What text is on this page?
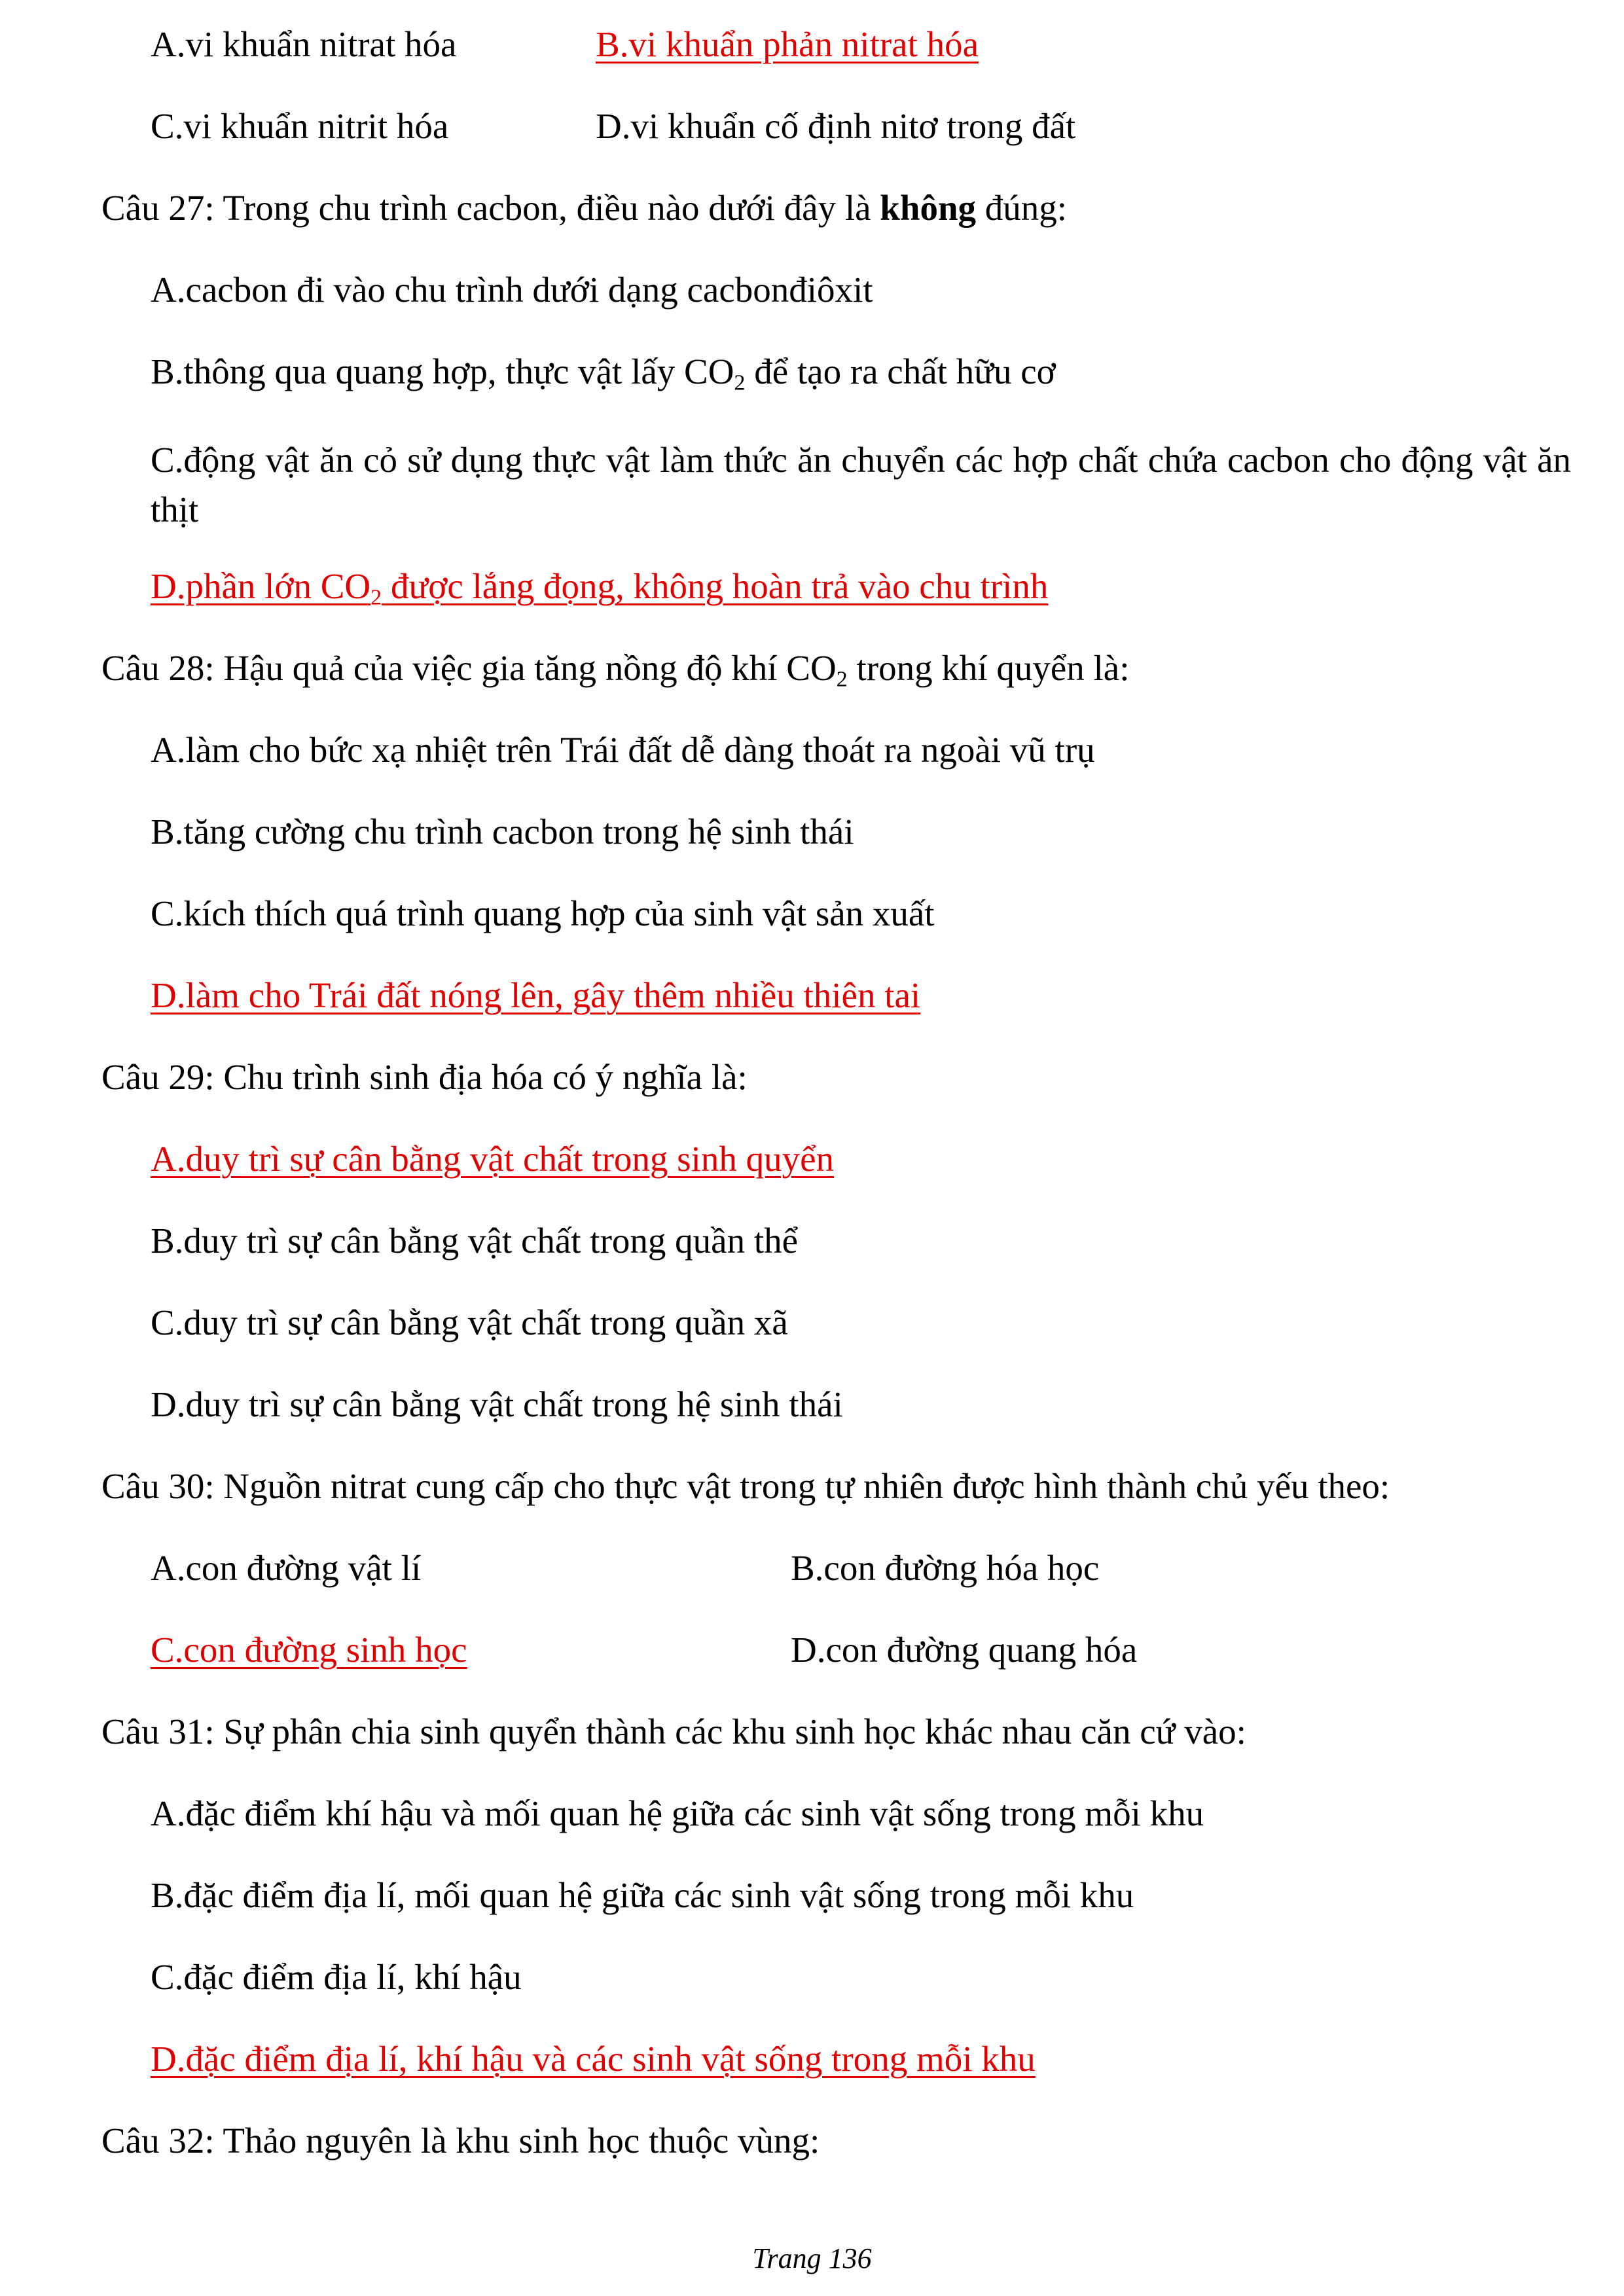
A.vi khuẩn nitrat hóa	B.vi khuẩn phản nitrat hóa
C.vi khuẩn nitrit hóa	D.vi khuẩn cố định nitơ trong đất
Câu 27: Trong chu trình cacbon, điều nào dưới đây là không đúng:
A.cacbon đi vào chu trình dưới dạng cacbonđiôxit
B.thông qua quang hợp, thực vật lấy $CO_2$ để tạo ra chất hữu cơ
C.động vật ăn cỏ sử dụng thực vật làm thức ăn chuyển các hợp chất chứa cacbon cho động vật ăn thịt
D.phần lớn $CO_2$ được lắng đọng, không hoàn trả vào chu trình
Câu 28: Hậu quả của việc gia tăng nồng độ khí $CO_2$ trong khí quyển là:
A.làm cho bức xạ nhiệt trên Trái đất dễ dàng thoát ra ngoài vũ trụ
B.tăng cường chu trình cacbon trong hệ sinh thái
C.kích thích quá trình quang hợp của sinh vật sản xuất
D.làm cho Trái đất nóng lên, gây thêm nhiều thiên tai
Câu 29: Chu trình sinh địa hóa có ý nghĩa là:
A.duy trì sự cân bằng vật chất trong sinh quyển
B.duy trì sự cân bằng vật chất trong quần thể
C.duy trì sự cân bằng vật chất trong quần xã
D.duy trì sự cân bằng vật chất trong hệ sinh thái
Câu 30: Nguồn nitrat cung cấp cho thực vật trong tự nhiên được hình thành chủ yếu theo:
A.con đường vật lí	B.con đường hóa học
C.con đường sinh học	D.con đường quang hóa
Câu 31: Sự phân chia sinh quyển thành các khu sinh học khác nhau căn cứ vào:
A.đặc điểm khí hậu và mối quan hệ giữa các sinh vật sống trong mỗi khu
B.đặc điểm địa lí, mối quan hệ giữa các sinh vật sống trong mỗi khu
C.đặc điểm địa lí, khí hậu
D.đặc điểm địa lí, khí hậu và các sinh vật sống trong mỗi khu
Câu 32: Thảo nguyên là khu sinh học thuộc vùng:
Trang 136
